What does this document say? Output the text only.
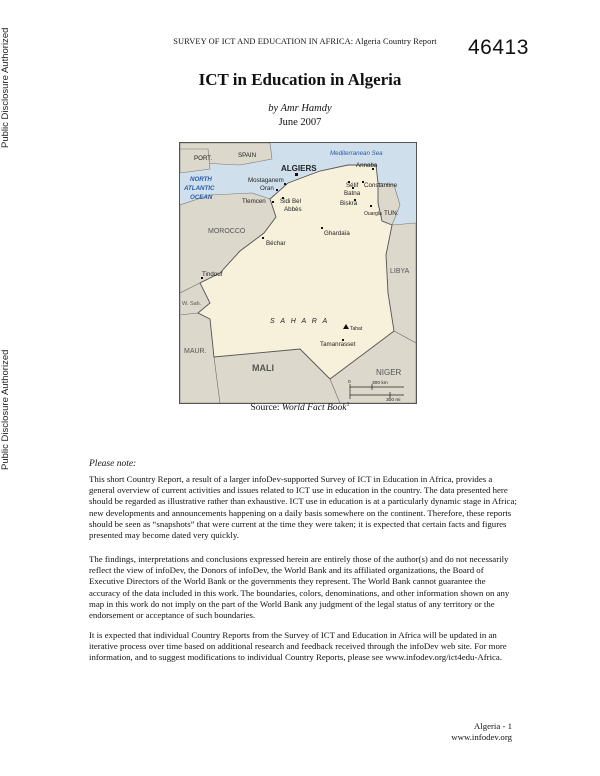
Public Disclosure Authorized
Public Disclosure Authorized
SURVEY OF ICT AND EDUCATION IN AFRICA: Algeria Country Report	46413
ICT in Education in Algeria
by Amr Hamdy
June 2007
PORT.	SPAIN	Mediterranean Sea
NORTH
ATLANTIC
OCEAN
ALGIERS	Annaba
Mostaganem
Oran	Sétif
Batna
Constantine
Tlemcen Sidi Bel
Abbès
Biskra
TUN.
Ouargla
MOROCCO	Ghardaïa
Béchar
LIBYA
Tindouf
W. Sah.
S A H A R A
Tahat
Tamanrasset
MAUR.
MALI	NIGER
0	300 km
300 mi
Source: World Fact Book$^1$
Please note:
This short Country Report, a result of a larger infoDev-supported Survey of ICT in Education in Africa, provides a general overview of current activities and issues related to ICT use in education in the country. The data presented here should be regarded as illustrative rather than exhaustive. ICT use in education is at a particularly dynamic stage in Africa; new developments and announcements happening on a daily basis somewhere on the continent. Therefore, these reports should be seen as “snapshots” that were current at the time they were taken; it is expected that certain facts and figures presented may become dated very quickly.
The findings, interpretations and conclusions expressed herein are entirely those of the author(s) and do not necessarily reflect the view of infoDev, the Donors of infoDev, the World Bank and its affiliated organizations, the Board of Executive Directors of the World Bank or the governments they represent. The World Bank cannot guarantee the accuracy of the data included in this work. The boundaries, colors, denominations, and other information shown on any map in this work do not imply on the part of the World Bank any judgment of the legal status of any territory or the endorsement or acceptance of such boundaries.
It is expected that individual Country Reports from the Survey of ICT and Education in Africa will be updated in an iterative process over time based on additional research and feedback received through the infoDev web site. For more information, and to suggest modifications to individual Country Reports, please see www.infodev.org/ict4edu-Africa.
Algeria - 1
www.infodev.org
